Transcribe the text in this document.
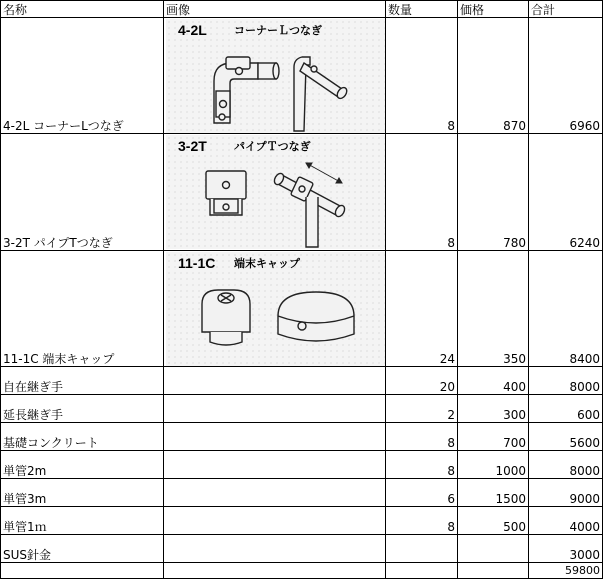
名称	画像	数量	価格	合計
4-2L コーナーLつなぎ	4-2L コーナーＬつなぎ	8	870	6960
3-2T パイプTつなぎ	3-2T パイプＴつなぎ	8	780	6240
11-1C 端末キャップ	11-1C 端末キャップ	24	350	8400
自在継ぎ手		20	400	8000
延長継ぎ手		2	300	600
基礎コンクリート		8	700	5600
単管2m		8	1000	8000
単管3m		6	1500	9000
単管1ｍ		8	500	4000
SUS針金				3000
				59800
